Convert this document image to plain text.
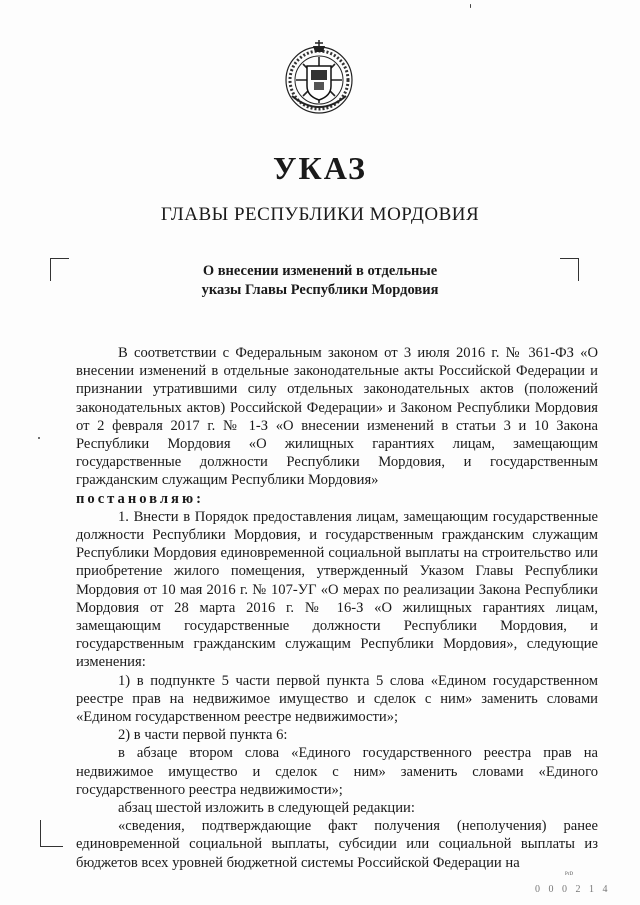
УКАЗ
ГЛАВЫ РЕСПУБЛИКИ МОРДОВИЯ
О внесении изменений в отдельные
указы Главы Республики Мордовия

В соответствии с Федеральным законом от 3 июля 2016 г. № 361-ФЗ «О внесении изменений в отдельные законодательные акты Российской Федерации и признании утратившими силу отдельных законодательных актов (положений законодательных актов) Российской Федерации» и Законом Республики Мордовия от 2 февраля 2017 г. № 1-З «О внесении изменений в статьи 3 и 10 Закона Республики Мордовия «О жилищных гарантиях лицам, замещающим государственные должности Республики Мордовия, и государственным гражданским служащим Республики Мордовия»

постановляю:

1. Внести в Порядок предоставления лицам, замещающим государственные должности Республики Мордовия, и государственным гражданским служащим Республики Мордовия единовременной социальной выплаты на строительство или приобретение жилого помещения, утвержденный Указом Главы Республики Мордовия от 10 мая 2016 г. № 107-УГ «О мерах по реализации Закона Республики Мордовия от 28 марта 2016 г. № 16-З «О жилищных гарантиях лицам, замещающим государственные должности Республики Мордовия, и государственным гражданским служащим Республики Мордовия», следующие изменения:

1) в подпункте 5 части первой пункта 5 слова «Едином государственном реестре прав на недвижимое имущество и сделок с ним» заменить словами «Едином государственном реестре недвижимости»;

2) в части первой пункта 6:

в абзаце втором слова «Единого государственного реестра прав на недвижимое имущество и сделок с ним» заменить словами «Единого государственного реестра недвижимости»;

абзац шестой изложить в следующей редакции:

«сведения, подтверждающие факт получения (неполучения) ранее единовременной социальной выплаты, субсидии или социальной выплаты из бюджетов всех уровней бюджетной системы Российской Федерации на

PrD
0 0 0 2 1 4
